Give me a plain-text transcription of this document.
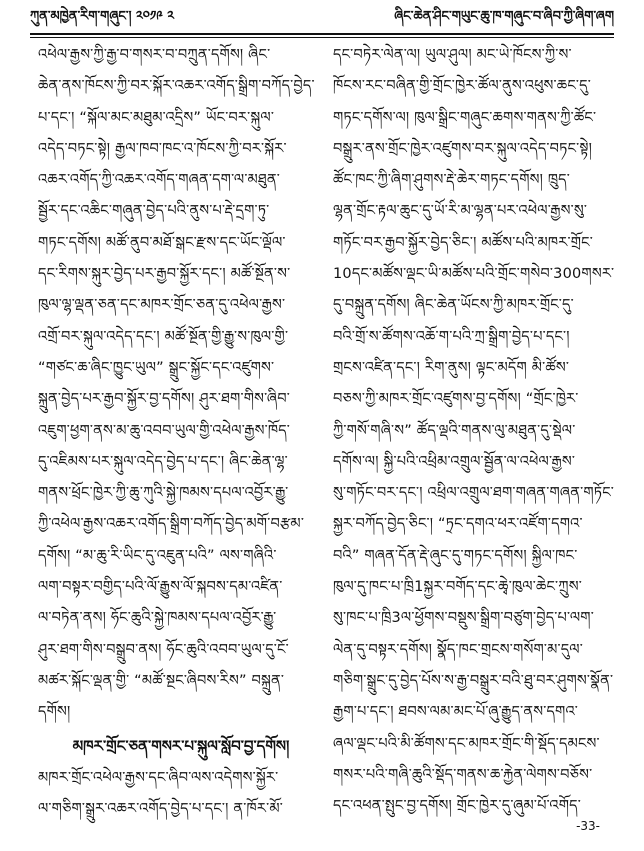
ཀུན་མཁྱེན་རིག་གཞུང༌། ༢༠༡༩ ༢	ཞིང་ཆེན་ཤིང་གཡུང་ཆུ་ཁ་གཞུང་བ་ཞིབ་ཀྱི་ཞིག་ཞག
འཕེལ་རྒྱས་ཀྱི་རྒྱ་བ་གསར་བ་བཀྲུན་དགོས། ཞིང་
ཆེན་ནས་ཁོངས་ཀྱི་བར་སྐོར་འཆར་འགོད་སྒྲིག་བཀོད་བྱེད་
པ་དང་། “སྐོལ་མང་མཐུམ་འདྲིས” ཡོང་བར་སྐུལ་
འདེད་བཏང་སྟེ། རྒྱལ་ཁབ་ཁང་འ་ཁོངས་ཀྱི་བར་སྐོར་
འཆར་འགོད་ཀྱི་འཆར་འགོད་གཞན་དག་ལ་མཐུན་
སྦྱོར་དང་འཆིང་གཞུན་བྱེད་པའི་ནུས་པ་རྡེ་དྲག་ཏུ་
གཏང་དགོས། མཚོ་ནུབ་མཐོ་སྒང་རྫས་དང་ཡོང་ལྡོལ་
དང་རིགས་སྐུར་བྱེད་པར་རྒྱབ་སྐྱོར་དང་། མཚོ་སྔོན་ས་
ཁུལ་ལྷ་ལྡན་ཅན་དང་མཁར་གྲོང་ཅན་དུ་འཕེལ་རྒྱས་
འགྲོ་བར་སྐུལ་འདེད་དང་། མཚོ་སྔོན་གྱི་རྒྱུ་ས་ཁུལ་གྱི་
“གཙང་ཆ་ཞིང་ཁྱུང་ཡུལ” སྒྲུང་སྐྱོང་དང་འཛུགས་
སྐྲུན་བྱེད་པར་རྒྱབ་སྐྱོར་བྱ་དགོས། ཤུར་ཐག་གིས་ཞིབ་
འཇུག་ཕྱག་ནས་མ་ཆུ་འབབ་ཡུལ་གྱི་འཕེལ་རྒྱས་ཁོད་
དུ་འཇིམས་པར་སྐུལ་འདེད་བྱེད་པ་དང་། ཞིང་ཆེན་ལྷ་
གནས་ཕྲོང་ཁྱེར་ཀྱི་ཆུ་ཀུའི་སྐྱེ་ཁམས་དཔལ་འབྱོར་རྒྱུ་
ཀྱི་འཕེལ་རྒྱས་འཆར་འགོད་སྒྲིག་བཀོད་བྱེད་མགོ་བརྩམ་
དགོས། “མ་ཆུ་རི་ཡིང་དུ་འཇུན་པའི” ལས་གཞིའི་
ལག་བསྟར་བགྱིད་པའི་ལོ་རྒྱུས་ལོ་སྐབས་དམ་འཛིན་
ལ་བཏེན་ནས། ཧོང་ཆུའི་སྐྱེ་ཁམས་དཔལ་འབྱོར་རྒྱུ་
ཤུར་ཐག་གིས་བསྒྲུབ་ནས། ཧོང་ཆུའི་འབབ་ཡུལ་དུ་ངོ་
མཚར་སྐོང་ལྡན་གྱི་ “མཚོ་སྔང་ཞིབས་རིས” བསྐྲུན་
དགོས།
མཁར་གྲོང་ཅན་གསར་པ་སྐུལ་སློབ་བྱ་དགོས།
མཁར་གྲོང་འཕེལ་རྒྱས་དང་ཞིབ་ལས་འདེགས་སྐྱོར་
ལ་གཅིག་སྒྲུར་འཆར་འགོད་བྱེད་པ་དང་། ན་ཁོར་མོ་
དང་བཏེར་ལེན་ལ། ཡུལ་ཤུལ། མང་ཡེ་ཁོངས་ཀྱི་ས་
ཁོངས་རང་བཞིན་གྱི་གྲོང་ཁྱེར་ཚོལ་ནུས་འཕུས་ཆང་དུ་
གཏང་དགོས་ལ། ཁུལ་སྒྲིང་གཞུང་ཆགས་གནས་ཀྱི་ཚོང་
བསྒྲུར་ནས་གྲོང་ཁྱེར་འཛུགས་བར་སྐུལ་འདེད་བཏང་སྟེ།
ཚོང་ཁང་ཀྱི་ཞིག་ཤུགས་རྡེ་ཆེར་གཏང་དགོས། ཁྲུད་
ལྷན་གྲོང་རྟལ་ཆུང་དུ་ཡོ་རི་མ་ལྷན་པར་འཕེལ་རྒྱས་སུ་
གཏོང་བར་རྒྱབ་སྐྱོར་བྱེད་ཅིང་། མཚོས་པའི་མཁར་གྲོང་
10དང་མཚོས་ལྡང་ཡི་མཚོས་པའི་གྲོང་གསེབ་300གསར་
དུ་བསྐྲུན་དགོས། ཞིང་ཆེན་ཡོངས་ཀྱི་མཁར་གྲོང་དུ་
བའི་གྲོ་ས་ཚོགས་འཆོ་ག་པའི་ཀྲ་སྒྲིག་བྱེད་པ་དང་།
གྲངས་འཛིན་དང་། རིག་ནུས། ལྟང་མདོག མི་ཚོས་
བཅས་ཀྱི་མཁར་གྲོང་འཛུགས་བྱ་དགོས། “གྲོང་ཁྱེར་
ཀྱི་གསོ་གཞི་ས” ཚོད་ལྡའི་གནས་ལུ་མཐུན་དུ་སྡེལ་
དགོས་ལ། སྐྱི་པའི་འཕྲིམ་འགྲུལ་སྦྱོན་ལ་འཕེལ་རྒྱས་
སུ་གཏོང་བར་དང་། འཕྲིལ་འགྲུལ་ཐག་གཞན་གཞན་གཏོང་
སྐྱར་བཀོད་བྱེད་ཅིང་། “ཏྲང་དགའ་ཕར་འཛོག་དགའ་
བའི” གཞན་དོན་རྡེ་ཞུང་དུ་གཏང་དགོས། སྐྱིལ་ཁང་
ཁུལ་དུ་ཁང་པ་ཁྲི1སྐྱར་བགོད་དང་ཆྭེ་ཁུལ་ཆེང་ཀྲུས་
སུ་ཁང་པ་ཁྲི3ལ་ཕྱོགས་བསྡུས་སྒྲིག་བཙུག་བྱེད་པ་ལག་
ལེན་དུ་བསྟར་དགོས། སྣོད་ཁང་གྲངས་གསོག་མ་དུལ་
གཅིག་སྒྲུང་དུ་བྱེད་པོས་ས་རྒྱ་བསྒྲུར་བའི་ཐུ་བར་ཤུགས་སྣོན་
རྒྱག་པ་དང་། ཐབས་ལམ་མང་པོ་ཞུ་རྒྱུད་ནས་དགའ་
ཞལ་ལྡང་པའི་མི་ཚོགས་དང་མཁར་གྲོང་གི་སྡོད་དམངས་
གསར་པའི་གཞི་ཆུའི་སྡོད་གནས་ཆ་རྐྱེན་ལེགས་བཅོས་
དང་འཕན་སྤུང་བྱ་དགོས། གྲོང་ཁྱེར་དུ་ཞུམ་པོ་འགོད་
-33-
